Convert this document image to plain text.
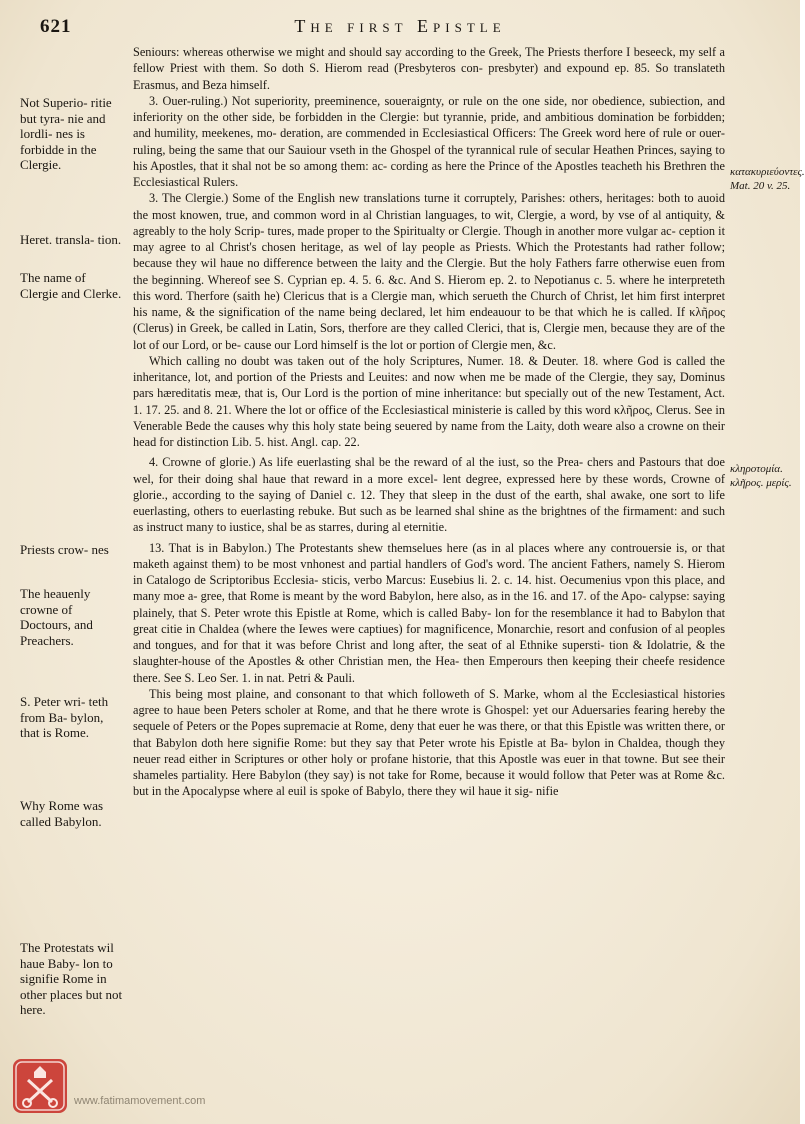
621	The first Epistle

Not Superio- ritie but tyra- nie and lordli- nes is forbidde in the Clergie.

Heret. transla- tion.

The name of Clergie and Clerke.

Priests crow- nes

The heauenly crowne of Doctours, and Preachers.

S. Peter wri- teth from Ba- bylon, that is Rome.

Why Rome was called Babylon.

The Protestats wil haue Baby- lon to signifie Rome in other places but not here.

κατακυριεύοντες. Mat. 20 v. 25.

κληροτομία. κλῆρος. μερίς.

Seniours: whereas otherwise we might and should say according to the Greek, The Priests therfore I beseeck, my self a fellow Priest with them. So doth S. Hierom read (Presbyteros con- presbyter) and expound ep. 85. So translateth Erasmus, and Beza himself.

3. Ouer-ruling.) Not superiority, preeminence, soueraignty, or rule on the one side, nor obedience, subiection, and inferiority on the other side, be forbidden in the Clergie: but tyrannie, pride, and ambitious domination be forbidden; and humility, meekenes, mo- deration, are commended in Ecclesiastical Officers: The Greek word here of rule or ouer-ruling, being the same that our Sauiour vseth in the Ghospel of the tyrannical rule of secular Heathen Princes, saying to his Apostles, that it shal not be so among them: ac- cording as here the Prince of the Apostles teacheth his Brethren the Ecclesiastical Rulers.

3. The Clergie.) Some of the English new translations turne it corruptely, Parishes: others, heritages: both to auoid the most knowen, true, and common word in al Christian languages, to wit, Clergie, a word, by vse of al antiquity, & agreably to the holy Scrip- tures, made proper to the Spiritualty or Clergie. Though in another more vulgar ac- ception it may agree to al Christ's chosen heritage, as wel of lay people as Priests. Which the Protestants had rather follow; because they wil haue no difference between the laity and the Clergie. But the holy Fathers farre otherwise euen from the beginning. Whereof see S. Cyprian ep. 4. 5. 6. &c. And S. Hierom ep. 2. to Nepotianus c. 5. where he interpreteth this word. Therfore (saith he) Clericus that is a Clergie man, which serueth the Church of Christ, let him first interpret his name, & the signification of the name being declared, let him endeauour to be that which he is called. If κλῆρος (Clerus) in Greek, be called in Latin, Sors, therfore are they called Clerici, that is, Clergie men, because they are of the lot of our Lord, or be- cause our Lord himself is the lot or portion of Clergie men, &c.

Which calling no doubt was taken out of the holy Scriptures, Numer. 18. & Deuter. 18. where God is called the inheritance, lot, and portion of the Priests and Leuites: and now when me be made of the Clergie, they say, Dominus pars hæreditatis meæ, that is, Our Lord is the portion of mine inheritance: but specially out of the new Testament, Act. 1. 17. 25. and 8. 21. Where the lot or office of the Ecclesiastical ministerie is called by this word κλῆρος, Clerus. See in Venerable Bede the causes why this holy state being seuered by name from the Laity, doth weare also a crowne on their head for distinction Lib. 5. hist. Angl. cap. 22.

4. Crowne of glorie.) As life euerlasting shal be the reward of al the iust, so the Prea- chers and Pastours that doe wel, for their doing shal haue that reward in a more excel- lent degree, expressed here by these words, Crowne of glorie., according to the saying of Daniel c. 12. They that sleep in the dust of the earth, shal awake, one sort to life euerlasting, others to euerlasting rebuke. But such as be learned shal shine as the brightnes of the firmament: and such as instruct many to iustice, shal be as starres, during al eternitie.

13. That is in Babylon.) The Protestants shew themselues here (as in al places where any controuersie is, or that maketh against them) to be most vnhonest and partial handlers of God's word. The ancient Fathers, namely S. Hierom in Catalogo de Scriptoribus Ecclesia- sticis, verbo Marcus: Eusebius li. 2. c. 14. hist. Oecumenius vpon this place, and many moe a- gree, that Rome is meant by the word Babylon, here also, as in the 16. and 17. of the Apo- calypse: saying plainely, that S. Peter wrote this Epistle at Rome, which is called Baby- lon for the resemblance it had to Babylon that great citie in Chaldea (where the Iewes were captiues) for magnificence, Monarchie, resort and confusion of al peoples and tongues, and for that it was before Christ and long after, the seat of al Ethnike supersti- tion & Idolatrie, & the slaughter-house of the Apostles & other Christian men, the Hea- then Emperours then keeping their cheefe residence there. See S. Leo Ser. 1. in nat. Petri & Pauli.

This being most plaine, and consonant to that which followeth of S. Marke, whom al the Ecclesiastical histories agree to haue been Peters scholer at Rome, and that he there wrote is Ghospel: yet our Aduersaries fearing hereby the sequele of Peters or the Popes supremacie at Rome, deny that euer he was there, or that this Epistle was written there, or that Babylon doth here signifie Rome: but they say that Peter wrote his Epistle at Ba- bylon in Chaldea, though they neuer read either in Scriptures or other holy or profane historie, that this Apostle was euer in that towne. But see their shameles partiality. Here Babylon (they say) is not take for Rome, because it would follow that Peter was at Rome &c. but in the Apocalypse where al euil is spoke of Babylo, there they wil haue it sig- nifie

www.fatimamovement.com
